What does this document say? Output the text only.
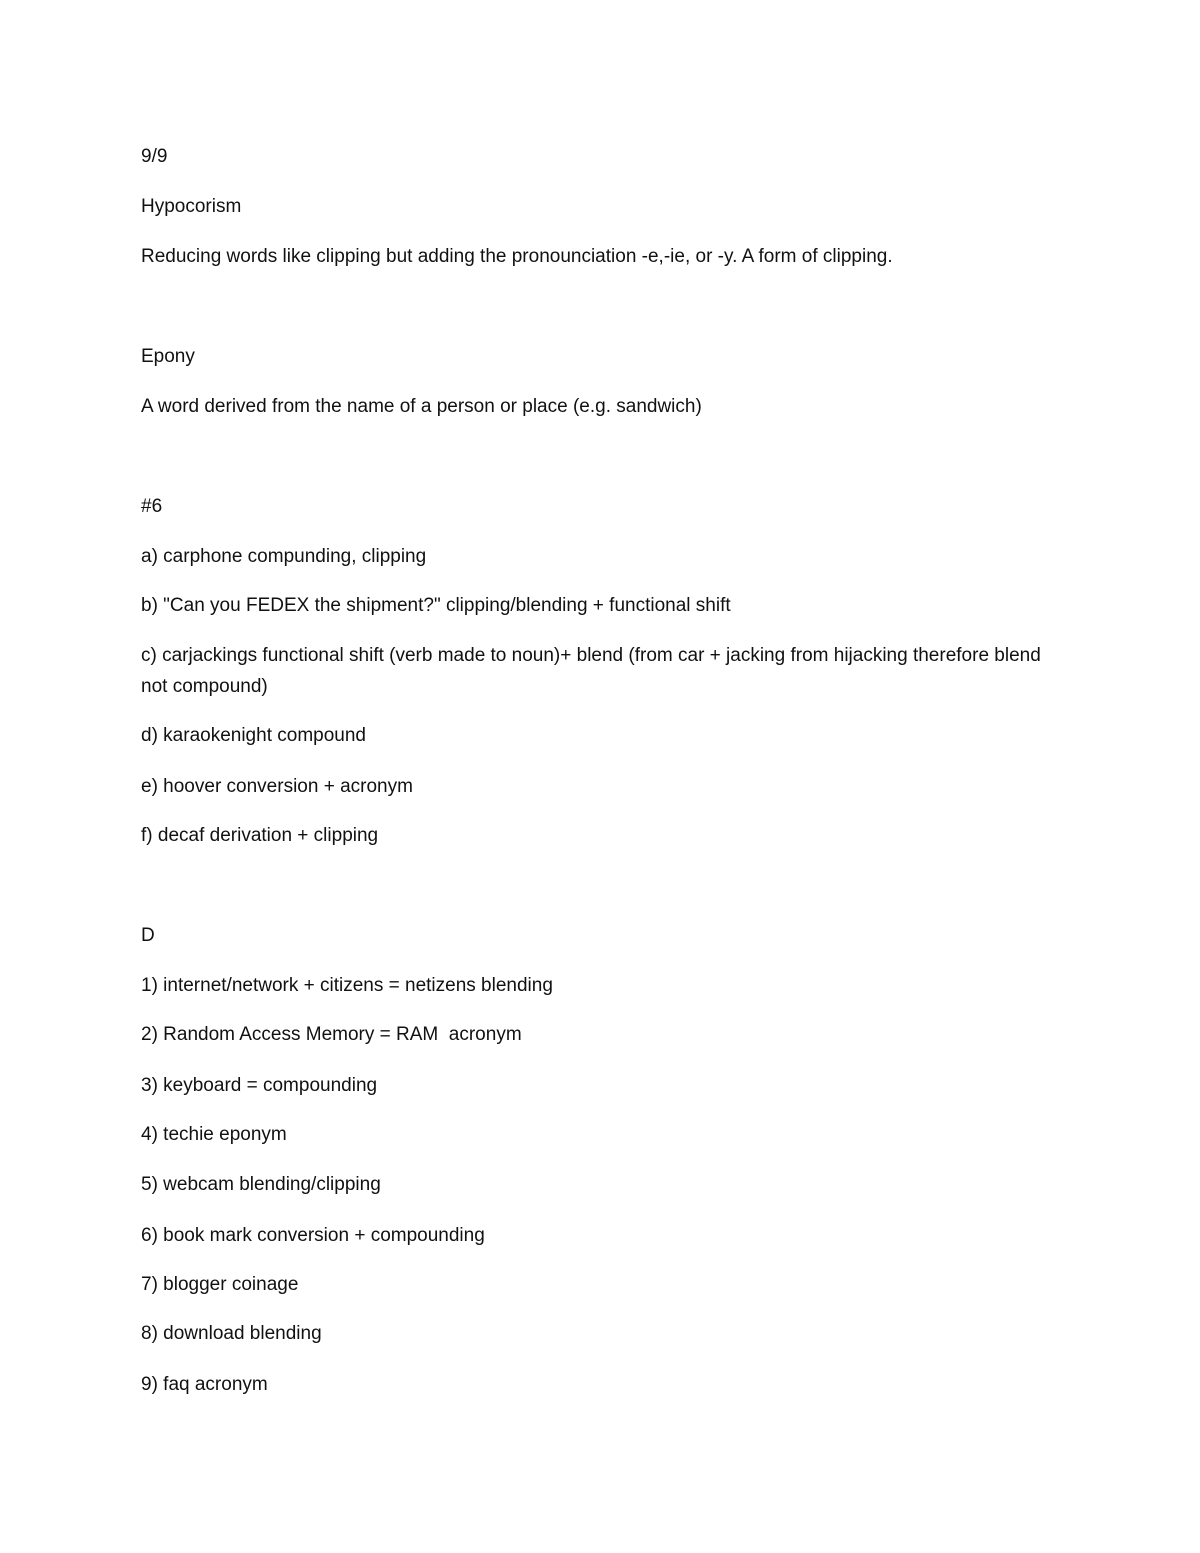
9/9

Hypocorism

Reducing words like clipping but adding the pronounciation -e,-ie, or -y. A form of clipping.

Epony

A word derived from the name of a person or place (e.g. sandwich)

#6

a) carphone compunding, clipping

b) "Can you FEDEX the shipment?" clipping/blending + functional shift

c) carjackings functional shift (verb made to noun)+ blend (from car + jacking from hijacking therefore blend not compound)

d) karaokenight compound

e) hoover conversion + acronym

f) decaf derivation + clipping

D

1) internet/network + citizens = netizens blending

2) Random Access Memory = RAM  acronym

3) keyboard = compounding

4) techie eponym

5) webcam blending/clipping

6) book mark conversion + compounding

7) blogger coinage

8) download blending

9) faq acronym
